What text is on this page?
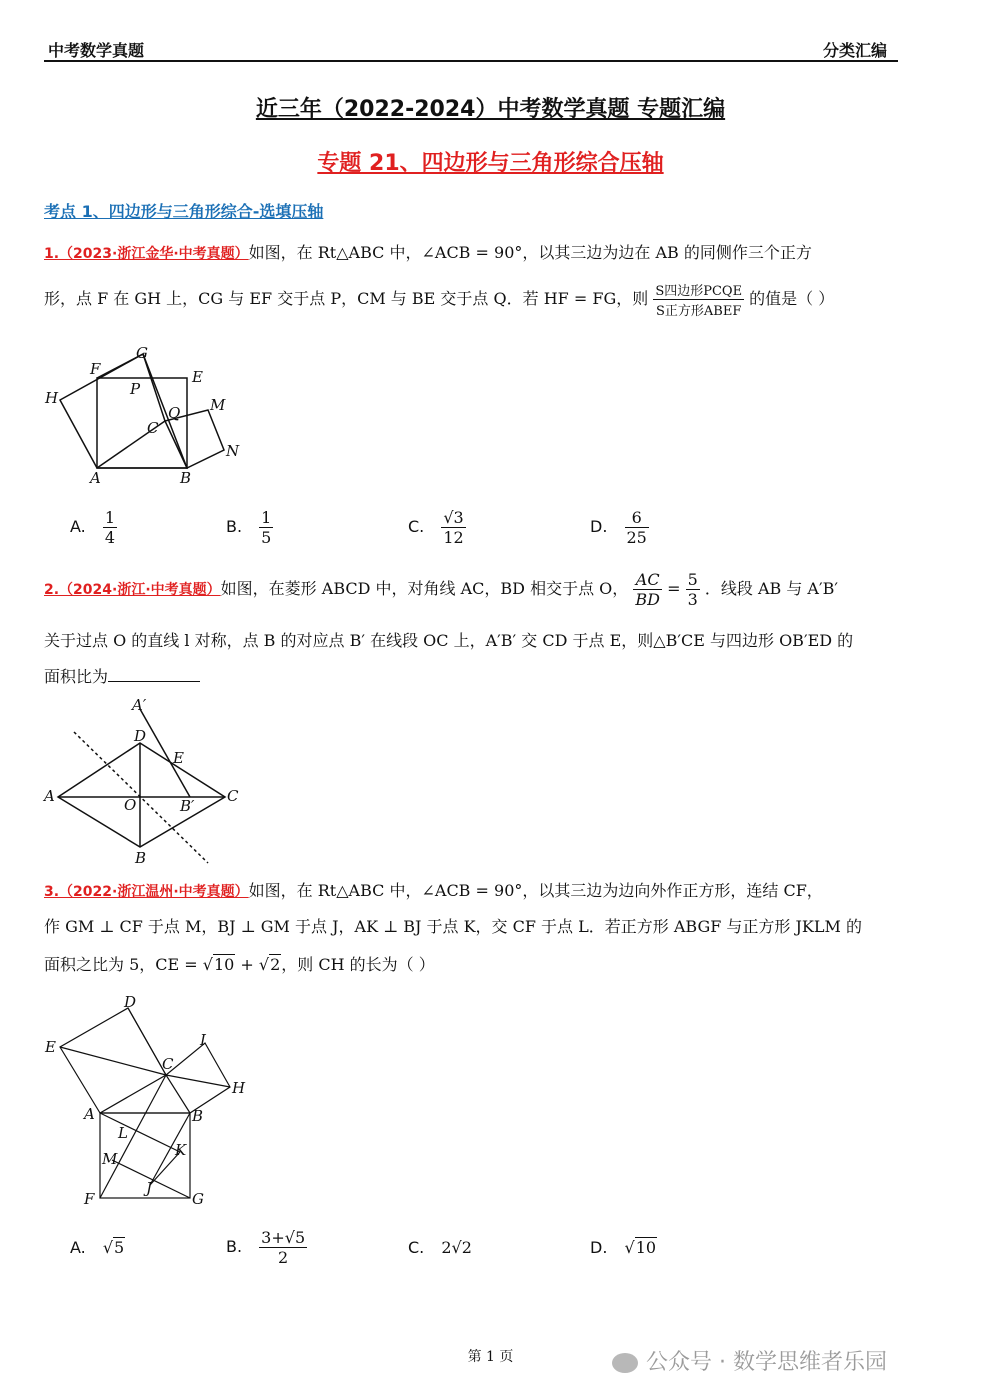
中考数学真题	分类汇编
近三年（2022-2024）中考数学真题 专题汇编
专题 21、四边形与三角形综合压轴
考点 1、四边形与三角形综合-选填压轴
1.（2023·浙江金华·中考真题）如图，在 Rt△ABC 中，∠ACB = 90°，以其三边为边在 AB 的同侧作三个正方
形，点 F 在 GH 上，CG 与 EF 交于点 P，CM 与 BE 交于点 Q．若 HF = FG，则 $\frac{\text{S四边形PCQE}}{\text{S正方形ABEF}}$ 的值是（ ）
G
F	E
H	P
Q M
C
N
A	B
A. $\frac{1}{4}$	B. $\frac{1}{5}$	C. $\frac{√3}{12}$	D. $\frac{6}{25}$
2.（2024·浙江·中考真题）如图，在菱形 ABCD 中，对角线 AC，BD 相交于点 O， $\frac{AC}{BD} = \frac{5}{3}$ ．线段 AB 与 A′B′
关于过点 O 的直线 l 对称，点 B 的对应点 B′ 在线段 OC 上，A′B′ 交 CD 于点 E，则△B′CE 与四边形 OB′ED 的
面积比为
A′
D
E
A	O	B′
C
B
3.（2022·浙江温州·中考真题）如图，在 Rt△ABC 中，∠ACB = 90°，以其三边为边向外作正方形，连结 CF，
作 GM ⊥ CF 于点 M，BJ ⊥ GM 于点 J，AK ⊥ BJ 于点 K，交 CF 于点 L．若正方形 ABGF 与正方形 JKLM 的
面积之比为 5，CE = √10 + √2，则 CH 的长为（ ）
D
E	I
C
H
A	B
L
K
M
J
F	G
A. √5	B. $\frac{3+√5}{2}$	C. 2√2	D. √10
第 1 页	公众号 · 数学思维者乐园
